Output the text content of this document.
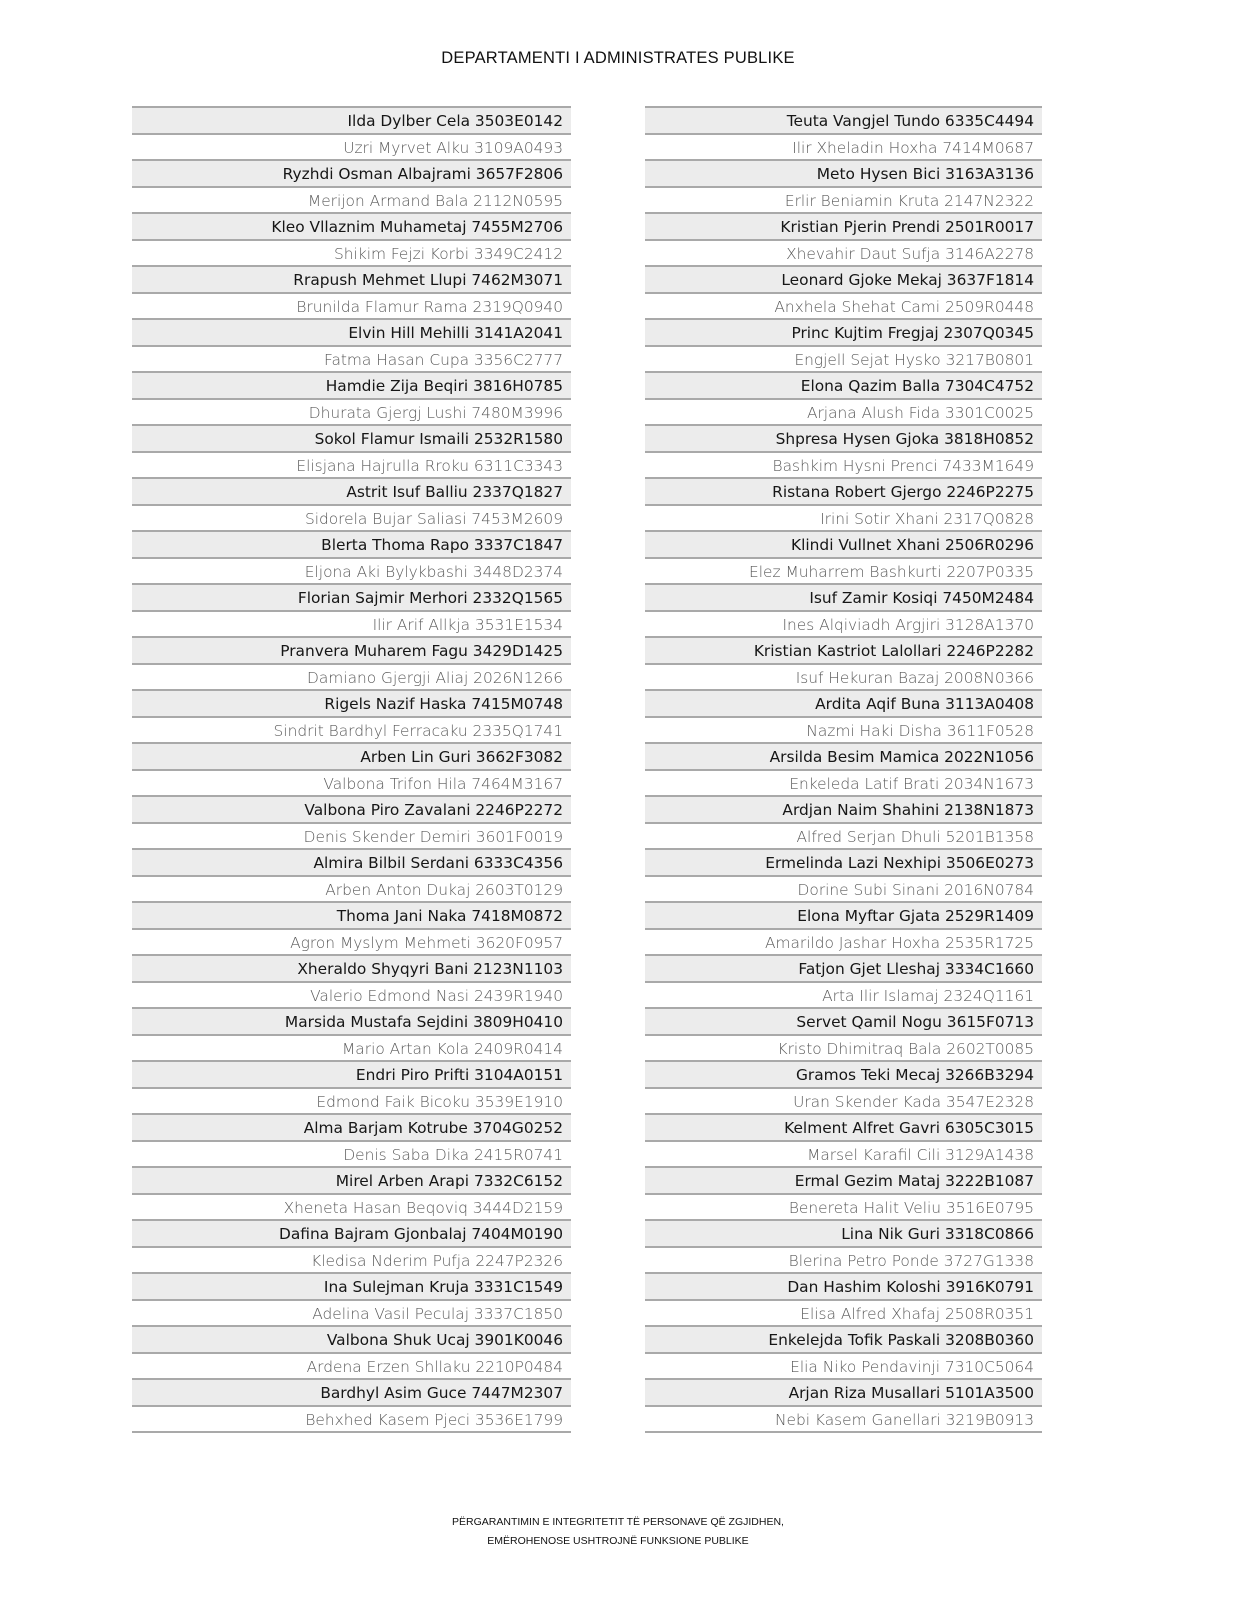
DEPARTAMENTI I ADMINISTRATES PUBLIKE
Ilda Dylber Cela 3503E0142
Uzri Myrvet Alku 3109A0493
Ryzhdi Osman Albajrami 3657F2806
Merijon Armand Bala 2112N0595
Kleo Vllaznim Muhametaj 7455M2706
Shikim Fejzi Korbi 3349C2412
Rrapush Mehmet Llupi 7462M3071
Brunilda Flamur Rama 2319Q0940
Elvin Hill Mehilli 3141A2041
Fatma Hasan Cupa 3356C2777
Hamdie Zija Beqiri 3816H0785
Dhurata Gjergj Lushi 7480M3996
Sokol Flamur Ismaili 2532R1580
Elisjana Hajrulla Rroku 6311C3343
Astrit Isuf Balliu 2337Q1827
Sidorela Bujar Saliasi 7453M2609
Blerta Thoma Rapo 3337C1847
Eljona Aki Bylykbashi 3448D2374
Florian Sajmir Merhori 2332Q1565
Ilir Arif Allkja 3531E1534
Pranvera Muharem Fagu 3429D1425
Damiano Gjergji Aliaj 2026N1266
Rigels Nazif Haska 7415M0748
Sindrit Bardhyl Ferracaku 2335Q1741
Arben Lin Guri 3662F3082
Valbona Trifon Hila 7464M3167
Valbona Piro Zavalani 2246P2272
Denis Skender Demiri 3601F0019
Almira Bilbil Serdani 6333C4356
Arben Anton Dukaj 2603T0129
Thoma Jani Naka 7418M0872
Agron Myslym Mehmeti 3620F0957
Xheraldo Shyqyri Bani 2123N1103
Valerio Edmond Nasi 2439R1940
Marsida Mustafa Sejdini 3809H0410
Mario Artan Kola 2409R0414
Endri Piro Prifti 3104A0151
Edmond Faik Bicoku 3539E1910
Alma Barjam Kotrube 3704G0252
Denis Saba Dika 2415R0741
Mirel Arben Arapi 7332C6152
Xheneta Hasan Beqoviq 3444D2159
Dafina Bajram Gjonbalaj 7404M0190
Kledisa Nderim Pufja 2247P2326
Ina Sulejman Kruja 3331C1549
Adelina Vasil Peculaj 3337C1850
Valbona Shuk Ucaj 3901K0046
Ardena Erzen Shllaku 2210P0484
Bardhyl Asim Guce 7447M2307
Behxhed Kasem Pjeci 3536E1799
Teuta Vangjel Tundo 6335C4494
Ilir Xheladin Hoxha 7414M0687
Meto Hysen Bici 3163A3136
Erlir Beniamin Kruta 2147N2322
Kristian Pjerin Prendi 2501R0017
Xhevahir Daut Sufja 3146A2278
Leonard Gjoke Mekaj 3637F1814
Anxhela Shehat Cami 2509R0448
Princ Kujtim Fregjaj 2307Q0345
Engjell Sejat Hysko 3217B0801
Elona Qazim Balla 7304C4752
Arjana Alush Fida 3301C0025
Shpresa Hysen Gjoka 3818H0852
Bashkim Hysni Prenci 7433M1649
Ristana Robert Gjergo 2246P2275
Irini Sotir Xhani 2317Q0828
Klindi Vullnet Xhani 2506R0296
Elez Muharrem Bashkurti 2207P0335
Isuf Zamir Kosiqi 7450M2484
Ines Alqiviadh Argjiri 3128A1370
Kristian Kastriot Lalollari 2246P2282
Isuf Hekuran Bazaj 2008N0366
Ardita Aqif Buna 3113A0408
Nazmi Haki Disha 3611F0528
Arsilda Besim Mamica 2022N1056
Enkeleda Latif Brati 2034N1673
Ardjan Naim Shahini 2138N1873
Alfred Serjan Dhuli 5201B1358
Ermelinda Lazi Nexhipi 3506E0273
Dorine Subi Sinani 2016N0784
Elona Myftar Gjata 2529R1409
Amarildo Jashar Hoxha 2535R1725
Fatjon Gjet Lleshaj 3334C1660
Arta Ilir Islamaj 2324Q1161
Servet Qamil Nogu 3615F0713
Kristo Dhimitraq Bala 2602T0085
Gramos Teki Mecaj 3266B3294
Uran Skender Kada 3547E2328
Kelment Alfret Gavri 6305C3015
Marsel Karafil Cili 3129A1438
Ermal Gezim Mataj 3222B1087
Benereta Halit Veliu 3516E0795
Lina Nik Guri 3318C0866
Blerina Petro Ponde 3727G1338
Dan Hashim Koloshi 3916K0791
Elisa Alfred Xhafaj 2508R0351
Enkelejda Tofik Paskali 3208B0360
Elia Niko Pendavinji 7310C5064
Arjan Riza Musallari 5101A3500
Nebi Kasem Ganellari 3219B0913
PËRGARANTIMIN E INTEGRITETIT TË PERSONAVE QË ZGJIDHEN,
EMËROHENOSE USHTROJNË FUNKSIONE PUBLIKE
